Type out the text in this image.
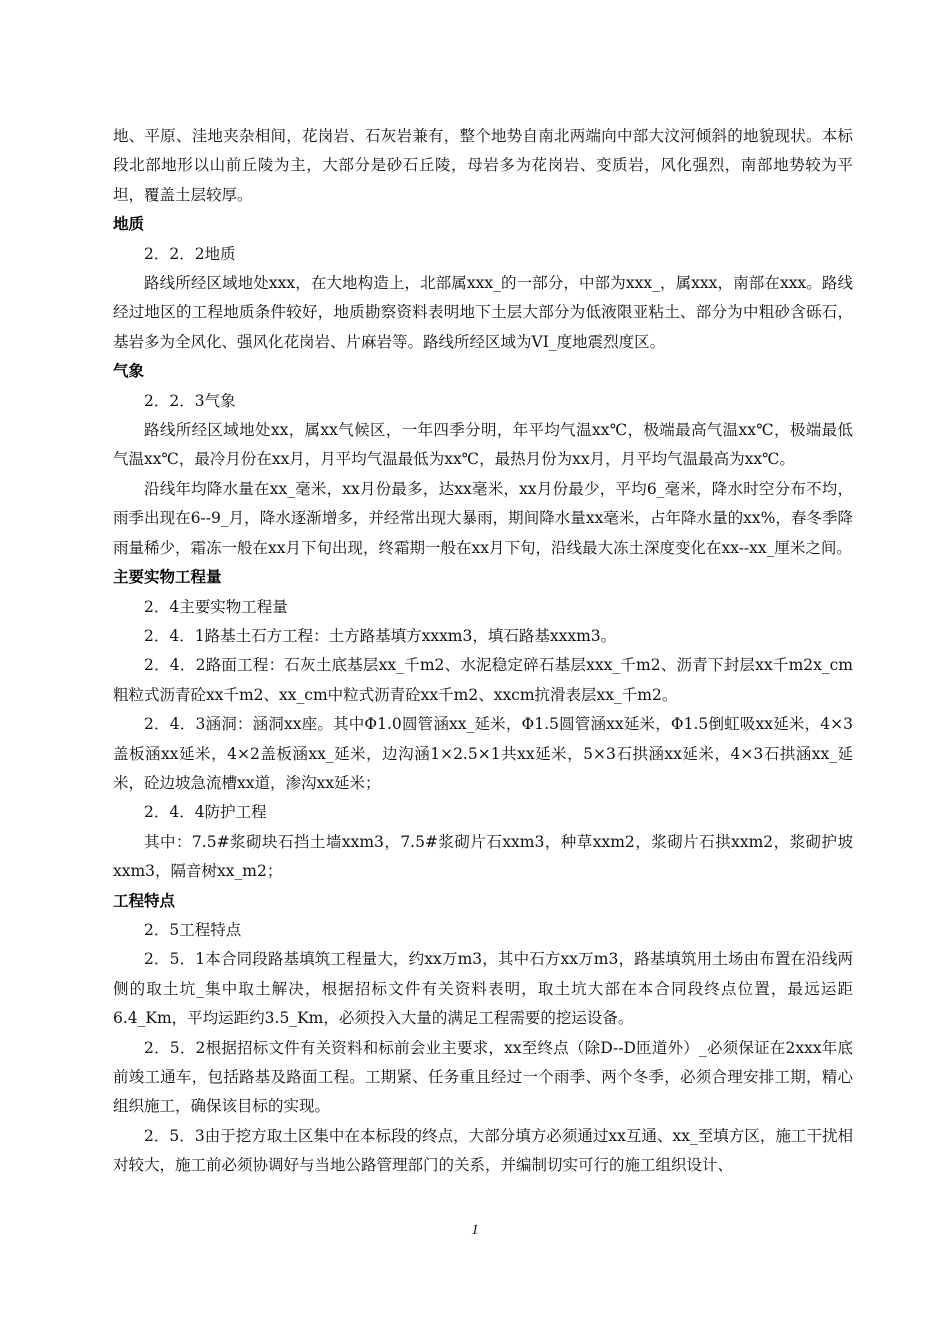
地、平原、洼地夹杂相间，花岗岩、石灰岩兼有，整个地势自南北两端向中部大汶河倾斜的地貌现状。本标段北部地形以山前丘陵为主，大部分是砂石丘陵，母岩多为花岗岩、变质岩，风化强烈，南部地势较为平坦，覆盖土层较厚。

地质

2．2．2地质

路线所经区域地处xxx，在大地构造上，北部属xxx_的一部分，中部为xxx_，属xxx，南部在xxx。路线经过地区的工程地质条件较好，地质勘察资料表明地下土层大部分为低液限亚粘土、部分为中粗砂含砾石，基岩多为全风化、强风化花岗岩、片麻岩等。路线所经区域为VI_度地震烈度区。

气象

2．2．3气象

路线所经区域地处xx，属xx气候区，一年四季分明，年平均气温xx℃，极端最高气温xx℃，极端最低气温xx℃，最冷月份在xx月，月平均气温最低为xx℃，最热月份为xx月，月平均气温最高为xx℃。

沿线年均降水量在xx_毫米，xx月份最多，达xx毫米，xx月份最少，平均6_毫米，降水时空分布不均，雨季出现在6--9_月，降水逐渐增多，并经常出现大暴雨，期间降水量xx毫米，占年降水量的xx%，春冬季降雨量稀少，霜冻一般在xx月下旬出现，终霜期一般在xx月下旬，沿线最大冻土深度变化在xx--xx_厘米之间。

主要实物工程量

2．4主要实物工程量

2．4．1路基土石方工程：土方路基填方xxxm3，填石路基xxxm3。

2．4．2路面工程：石灰土底基层xx_千m2、水泥稳定碎石基层xxx_千m2、沥青下封层xx千m2x_cm粗粒式沥青砼xx千m2、xx_cm中粒式沥青砼xx千m2、xxcm抗滑表层xx_千m2。

2．4．3涵洞：涵洞xx座。其中Φ1.0圆管涵xx_延米，Φ1.5圆管涵xx延米，Φ1.5倒虹吸xx延米，4×3盖板涵xx延米，4×2盖板涵xx_延米，边沟涵1×2.5×1共xx延米，5×3石拱涵xx延米，4×3石拱涵xx_延米，砼边坡急流槽xx道，渗沟xx延米；

2．4．4防护工程

其中：7.5#浆砌块石挡土墙xxm3，7.5#浆砌片石xxm3，种草xxm2，浆砌片石拱xxm2，浆砌护坡xxm3，隔音树xx_m2；

工程特点

2．5工程特点

2．5．1本合同段路基填筑工程量大，约xx万m3，其中石方xx万m3，路基填筑用土场由布置在沿线两侧的取土坑_集中取土解决，根据招标文件有关资料表明，取土坑大部在本合同段终点位置，最远运距6.4_Km，平均运距约3.5_Km，必须投入大量的满足工程需要的挖运设备。

2．5．2根据招标文件有关资料和标前会业主要求，xx至终点（除D--D匝道外）_必须保证在2xxx年底前竣工通车，包括路基及路面工程。工期紧、任务重且经过一个雨季、两个冬季，必须合理安排工期，精心组织施工，确保该目标的实现。

2．5．3由于挖方取土区集中在本标段的终点，大部分填方必须通过xx互通、xx_至填方区，施工干扰相对较大，施工前必须协调好与当地公路管理部门的关系，并编制切实可行的施工组织设计、

1
